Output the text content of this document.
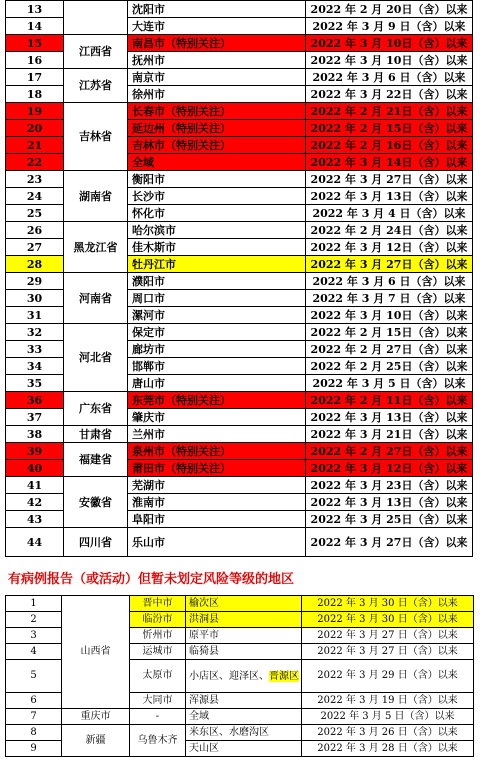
13		沈阳市	2022 年 2 月 20日（含）以来
14		大连市	2022 年 3 月 9 日（含）以来
15	江西省	南昌市（特别关注）	2022 年 3 月 10日（含）以来
16		抚州市	2022 年 3 月 10日（含）以来
17	江苏省	南京市	2022 年 3 月 6 日（含）以来
18		徐州市	2022 年 3 月 22日（含）以来
19	吉林省	长春市（特别关注）	2022 年 2 月 21日（含）以来
20		延边州（特别关注）	2022 年 2 月 15日（含）以来
21		吉林市（特别关注）	2022 年 2 月 16日（含）以来
22		全域	2022 年 3 月 14日（含）以来
23	湖南省	衡阳市	2022 年 3 月 27日（含）以来
24		长沙市	2022 年 3 月 13日（含）以来
25		怀化市	2022 年 3 月 4 日（含）以来
26	黑龙江省	哈尔滨市	2022 年 2 月 24日（含）以来
27		佳木斯市	2022 年 3 月 12日（含）以来
28		牡丹江市	2022 年 3 月 27日（含）以来
29	河南省	濮阳市	2022 年 3 月 6 日（含）以来
30		周口市	2022 年 3 月 7 日（含）以来
31		漯河市	2022 年 3 月 10日（含）以来
32	河北省	保定市	2022 年 2 月 15日（含）以来
33		廊坊市	2022 年 2 月 27日（含）以来
34		邯郸市	2022 年 2 月 25日（含）以来
35		唐山市	2022 年 3 月 5 日（含）以来
36	广东省	东莞市（特别关注）	2022 年 2 月 11日（含）以来
37		肇庆市	2022 年 3 月 13日（含）以来
38	甘肃省	兰州市	2022 年 3 月 21日（含）以来
39	福建省	泉州市（特别关注）	2022 年 2 月 27日（含）以来
40		莆田市（特别关注）	2022 年 3 月 12日（含）以来
41	安徽省	芜湖市	2022 年 3 月 23日（含）以来
42		淮南市	2022 年 3 月 13日（含）以来
43		阜阳市	2022 年 3 月 25日（含）以来
44	四川省	乐山市	2022 年 3 月 27日（含）以来
有病例报告（或活动）但暂未划定风险等级的地区
1	山西省	晋中市	榆次区	2022 年 3 月 30 日（含）以来
2		临汾市	洪洞县	2022 年 3 月 30 日（含）以来
3		忻州市	原平市	2022 年 3 月 27 日（含）以来
4		运城市	临猗县	2022 年 3 月 27 日（含）以来
5		太原市	小店区、迎泽区、晋源区	2022 年 3 月 29 日（含）以来
6		大同市	浑源县	2022 年 3 月 19 日（含）以来
7	重庆市	-	全域	2022 年 3 月 5 日（含）以来
8	新疆	乌鲁木齐	米东区、水磨沟区	2022 年 3 月 26 日（含）以来
9			天山区	2022 年 3 月 28 日（含）以来
